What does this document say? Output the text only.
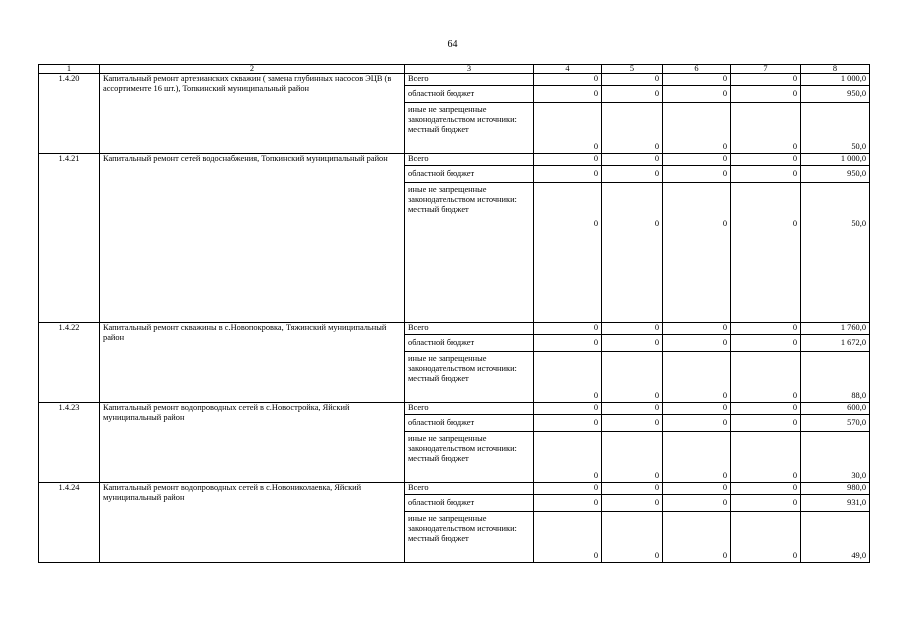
64
1	2	3	4	5	6	7	8
1.4.20	Капитальный ремонт артезианских скважин ( замена глубинных насосов ЭЦВ (в ассортименте 16 шт.), Топкинский муниципальный район	Всего	0	0	0	0	1 000,0
		областной бюджет	0	0	0	0	950,0

		иные не запрещенные законодательством источники:
местный бюджет	0	0	0	0	50,0
1.4.21	Капитальный ремонт сетей водоснабжения, Топкинский муниципальный район	Всего	0	0	0	0	1 000,0
		областной бюджет	0	0	0	0	950,0

		иные не запрещенные законодательством источники:
местный бюджет	0	0	0	0	50,0
1.4.22	Капитальный ремонт скважины в с.Новопокровка, Тяжинский муниципальный район	Всего	0	0	0	0	1 760,0
		областной бюджет	0	0	0	0	1 672,0

		иные не запрещенные законодательством источники:
местный бюджет	0	0	0	0	88,0
1.4.23	Капитальный ремонт водопроводных сетей в с.Новостройка, Яйский муниципальный район	Всего	0	0	0	0	600,0
		областной бюджет	0	0	0	0	570,0

		иные не запрещенные законодательством источники:
местный бюджет	0	0	0	0	30,0
1.4.24	Капитальный ремонт водопроводных сетей в с.Новониколаевка, Яйский муниципальный район	Всего	0	0	0	0	980,0
		областной бюджет	0	0	0	0	931,0

		иные не запрещенные законодательством источники:
местный бюджет	0	0	0	0	49,0
